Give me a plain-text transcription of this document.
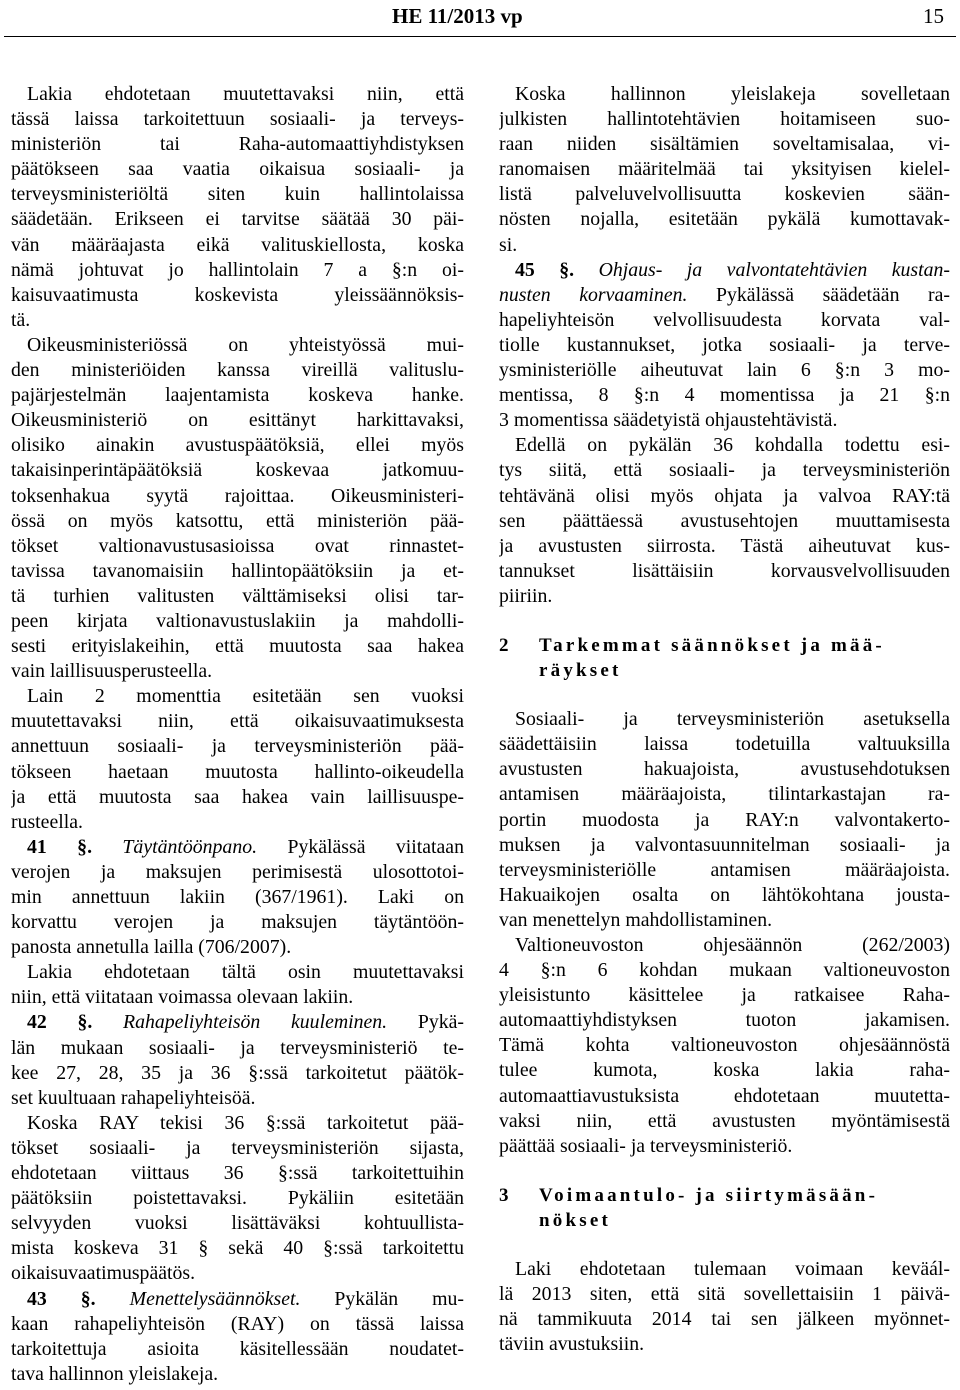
HE 11/2013 vp	15
Lakia ehdotetaan muutettavaksi niin, että
tässä laissa tarkoitettuun sosiaali- ja terveys-
ministeriön tai Raha-automaattiyhdistyksen
päätökseen saa vaatia oikaisua sosiaali- ja
terveysministeriöltä siten kuin hallintolaissa
säädetään. Erikseen ei tarvitse säätää 30 päi-
vän määräajasta eikä valituskiellosta, koska
nämä johtuvat jo hallintolain 7 a §:n oi-
kaisuvaatimusta koskevista yleissäännöksis-
tä.
Oikeusministeriössä on yhteistyössä mui-
den ministeriöiden kanssa vireillä valituslu-
pajärjestelmän laajentamista koskeva hanke.
Oikeusministeriö on esittänyt harkittavaksi,
olisiko ainakin avustuspäätöksiä, ellei myös
takaisinperintäpäätöksiä koskevaa jatkomuu-
toksenhakua syytä rajoittaa. Oikeusministeri-
össä on myös katsottu, että ministeriön pää-
tökset valtionavustusasioissa ovat rinnastet-
tavissa tavanomaisiin hallintopäätöksiin ja et-
tä turhien valitusten välttämiseksi olisi tar-
peen kirjata valtionavustuslakiin ja mahdolli-
sesti erityislakeihin, että muutosta saa hakea
vain laillisuusperusteella.
Lain 2 momenttia esitetään sen vuoksi
muutettavaksi niin, että oikaisuvaatimuksesta
annettuun sosiaali- ja terveysministeriön pää-
tökseen haetaan muutosta hallinto-oikeudella
ja että muutosta saa hakea vain laillisuuspe-
rusteella.
41 §. Täytäntöönpano. Pykälässä viitataan
verojen ja maksujen perimisestä ulosottotoi-
min annettuun lakiin (367/1961). Laki on
korvattu verojen ja maksujen täytäntöön-
panosta annetulla lailla (706/2007).
Lakia ehdotetaan tältä osin muutettavaksi
niin, että viitataan voimassa olevaan lakiin.
42 §. Rahapeliyhteisön kuuleminen. Pykä-
län mukaan sosiaali- ja terveysministeriö te-
kee 27, 28, 35 ja 36 §:ssä tarkoitetut päätök-
set kuultuaan rahapeliyhteisöä.
Koska RAY tekisi 36 §:ssä tarkoitetut pää-
tökset sosiaali- ja terveysministeriön sijasta,
ehdotetaan viittaus 36 §:ssä tarkoitettuihin
päätöksiin poistettavaksi. Pykäliin esitetään
selvyyden vuoksi lisättäväksi kohtuullista-
mista koskeva 31 § sekä 40 §:ssä tarkoitettu
oikaisuvaatimuspäätös.
43 §. Menettelysäännökset. Pykälän mu-
kaan rahapeliyhteisön (RAY) on tässä laissa
tarkoitettuja asioita käsitellessään noudatet-
tava hallinnon yleislakeja.
Koska hallinnon yleislakeja sovelletaan
julkisten hallintotehtävien hoitamiseen suo-
raan niiden sisältämien soveltamisalaa, vi-
ranomaisen määritelmää tai yksityisen kielel-
listä palveluvelvollisuutta koskevien sään-
nösten nojalla, esitetään pykälä kumottavak-
si.
45 §. Ohjaus- ja valvontatehtävien kustan-
nusten korvaaminen. Pykälässä säädetään ra-
hapeliyhteisön velvollisuudesta korvata val-
tiolle kustannukset, jotka sosiaali- ja terve-
ysministeriölle aiheutuvat lain 6 §:n 3 mo-
mentissa, 8 §:n 4 momentissa ja 21 §:n
3 momentissa säädetyistä ohjaustehtävistä.
Edellä on pykälän 36 kohdalla todettu esi-
tys siitä, että sosiaali- ja terveysministeriön
tehtävänä olisi myös ohjata ja valvoa RAY:tä
sen päättäessä avustusehtojen muuttamisesta
ja avustusten siirrosta. Tästä aiheutuvat kus-
tannukset lisättäisiin korvausvelvollisuuden
piiriin.
2 Tarkemmat säännökset ja mää-räykset
Sosiaali- ja terveysministeriön asetuksella
säädettäisiin laissa todetuilla valtuuksilla
avustusten hakuajoista, avustusehdotuksen
antamisen määräajoista, tilintarkastajan ra-
portin muodosta ja RAY:n valvontakerto-
muksen ja valvontasuunnitelman sosiaali- ja
terveysministeriölle antamisen määräajoista.
Hakuaikojen osalta on lähtökohtana jousta-
van menettelyn mahdollistaminen.
Valtioneuvoston ohjesäännön (262/2003)
4 §:n 6 kohdan mukaan valtioneuvoston
yleisistunto käsittelee ja ratkaisee Raha-
automaattiyhdistyksen tuoton jakamisen.
Tämä kohta valtioneuvoston ohjesäännöstä
tulee kumota, koska lakia raha-
automaattiavustuksista ehdotetaan muutetta-
vaksi niin, että avustusten myöntämisestä
päättää sosiaali- ja terveysministeriö.
3 Voimaantulo- ja siirtymäsään-nökset
Laki ehdotetaan tulemaan voimaan keväál-
lä 2013 siten, että sitä sovellettaisiin 1 päivä-
nä tammikuuta 2014 tai sen jälkeen myönnet-
täviin avustuksiin.
